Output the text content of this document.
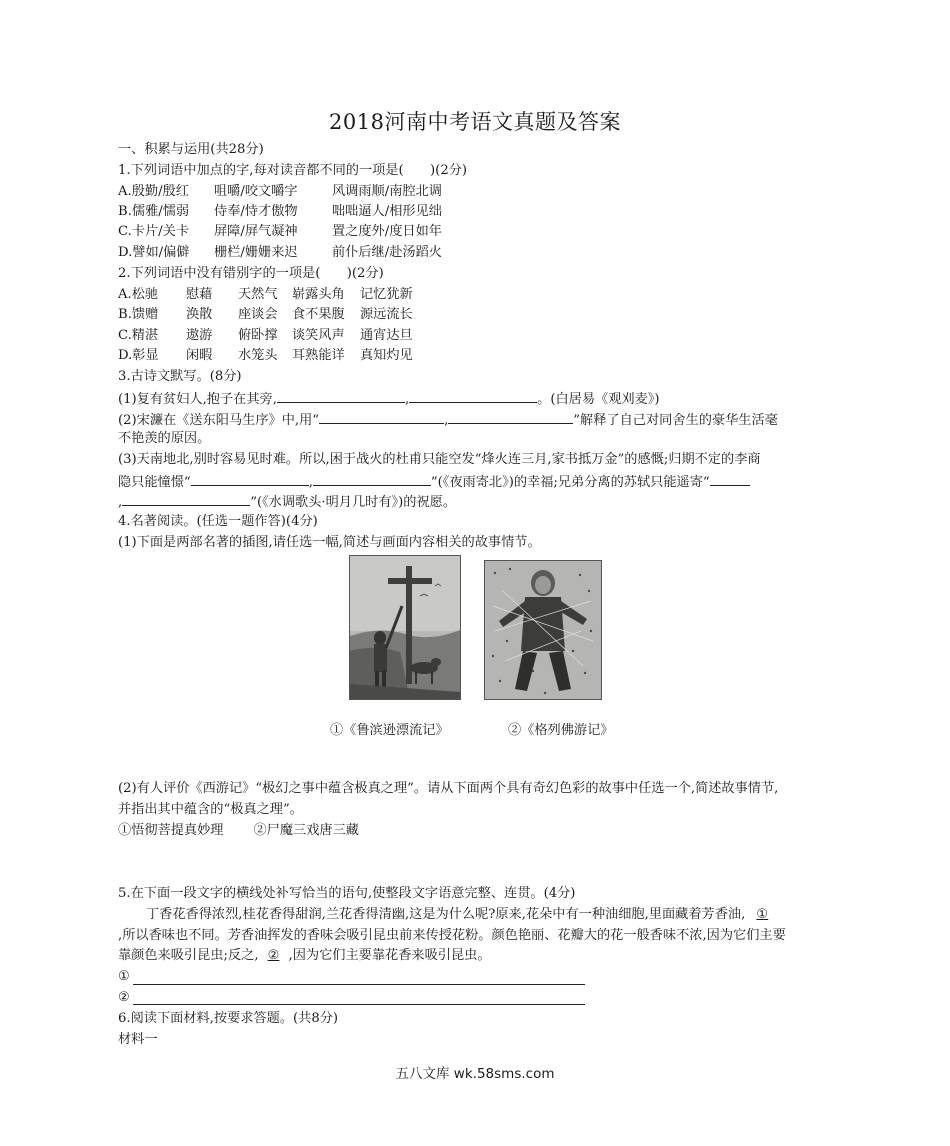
2018河南中考语文真题及答案
一、积累与运用(共28分)
1.下列词语中加点的字,每对读音都不同的一项是(　　)(2分)
A.殷勤/殷红 咀嚼/咬文嚼字	风调雨顺/南腔北调
B.儒雅/懦弱 侍奉/恃才傲物	咄咄逼人/相形见绌
C.卡片/关卡 屏障/屏气凝神	置之度外/度日如年
D.譬如/偏僻 栅栏/姗姗来迟	前仆后继/赴汤蹈火
2.下列词语中没有错别字的一项是(　　)(2分)
A.松驰 慰藉 天然气 崭露头角 记忆犹新
B.馈赠 涣散 座谈会 食不果腹 源远流长
C.精湛 遨游 俯卧撑 谈笑风声 通宵达旦
D.彰显 闲暇 水笼头 耳熟能详 真知灼见
3.古诗文默写。(8分)
(1)复有贫妇人,抱子在其旁,	,	。(白居易《观刈麦》)
(2)宋濂在《送东阳马生序》中,用“	,	”解释了自己对同舍生的豪华生活毫
不艳羡的原因。
(3)天南地北,别时容易见时难。所以,困于战火的杜甫只能空发“烽火连三月,家书抵万金”的感慨;归期不定的李商
隐只能憧憬“	,	”(《夜雨寄北》)的幸福;兄弟分离的苏轼只能遥寄“
,	”(《水调歌头·明月几时有》)的祝愿。
4.名著阅读。(任选一题作答)(4分)
(1)下面是两部名著的插图,请任选一幅,简述与画面内容相关的故事情节。
①《鲁滨逊漂流记》	②《格列佛游记》
(2)有人评价《西游记》“极幻之事中蕴含极真之理”。请从下面两个具有奇幻色彩的故事中任选一个,简述故事情节,
并指出其中蕴含的“极真之理”。
①悟彻菩提真妙理 ②尸魔三戏唐三藏
5.在下面一段文字的横线处补写恰当的语句,使整段文字语意完整、连贯。(4分)
丁香花香得浓烈,桂花香得甜润,兰花香得清幽,这是为什么呢?原来,花朵中有一种油细胞,里面藏着芳香油, ①
,所以香味也不同。芳香油挥发的香味会吸引昆虫前来传授花粉。颜色艳丽、花瓣大的花一般香味不浓,因为它们主要
靠颜色来吸引昆虫;反之, ② ,因为它们主要靠花香来吸引昆虫。
①
②
6.阅读下面材料,按要求答题。(共8分)
材料一
五八文库 wk.58sms.com
